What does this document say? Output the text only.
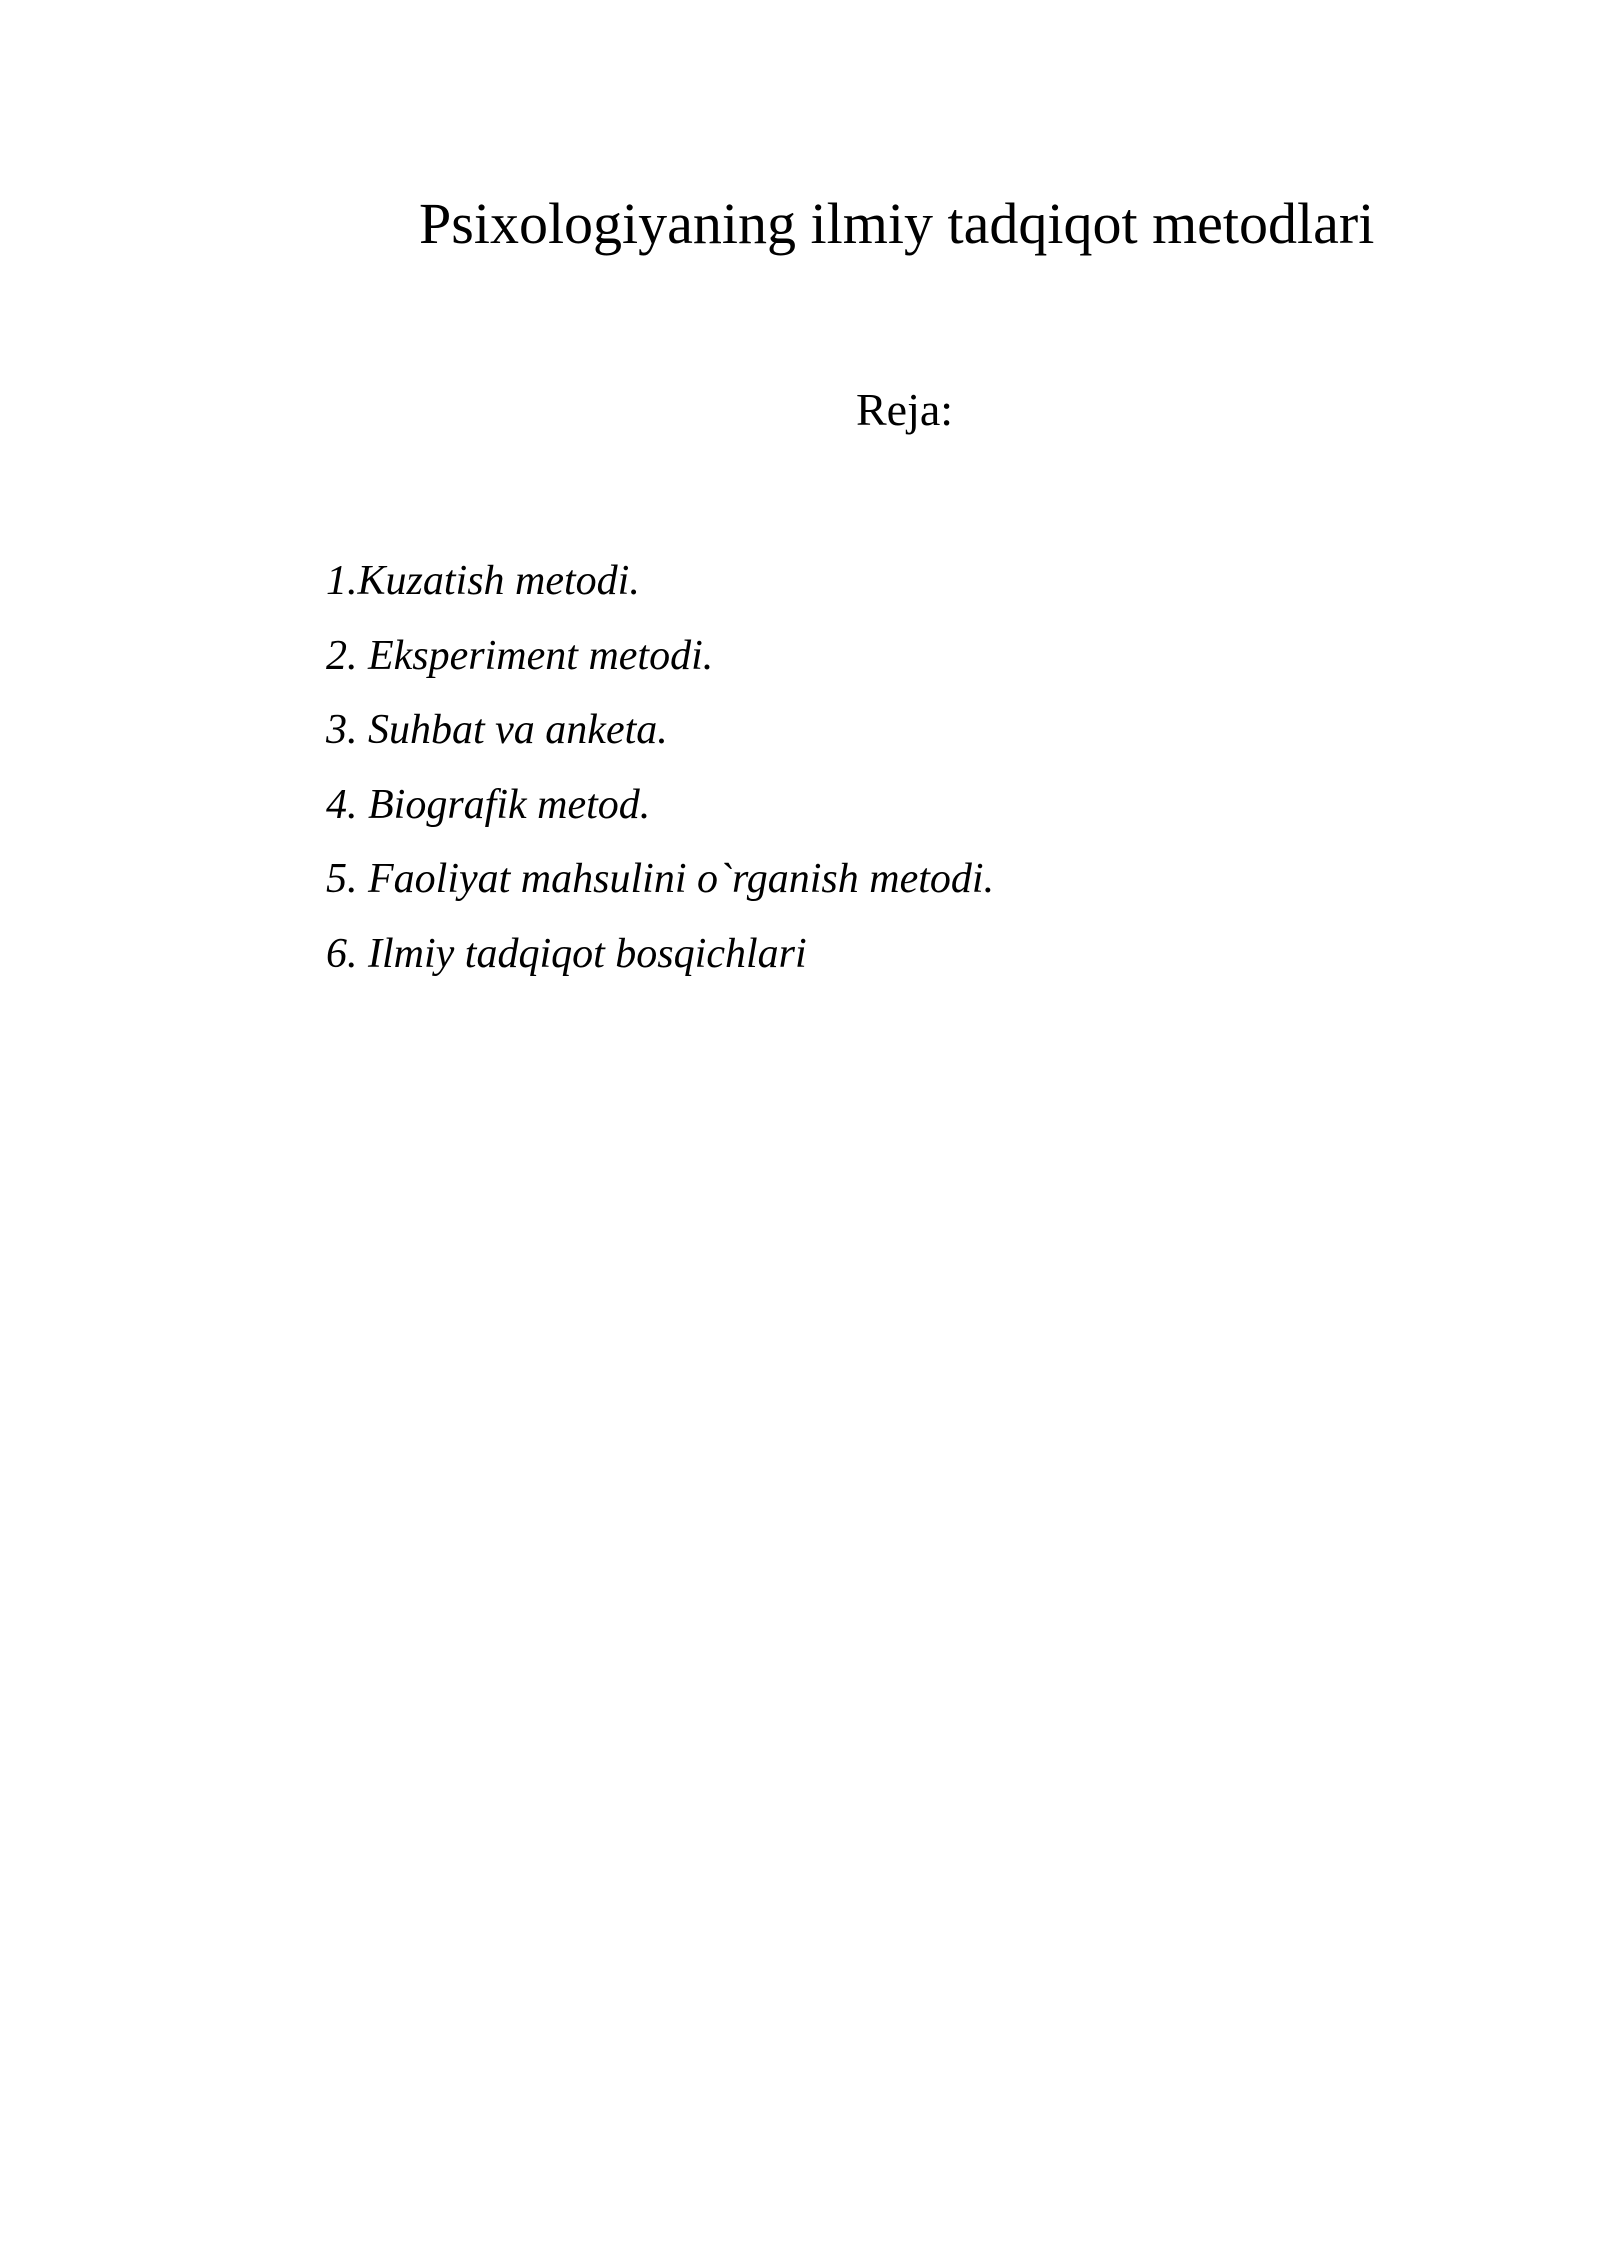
Psixologiyaning ilmiy tadqiqot metodlari
Reja:
1.Kuzatish metodi.
2. Eksperiment metodi.
3. Suhbat va anketa.
4. Biografik metod.
5. Faoliyat mahsulini o`rganish metodi.
6. Ilmiy tadqiqot bosqichlari
